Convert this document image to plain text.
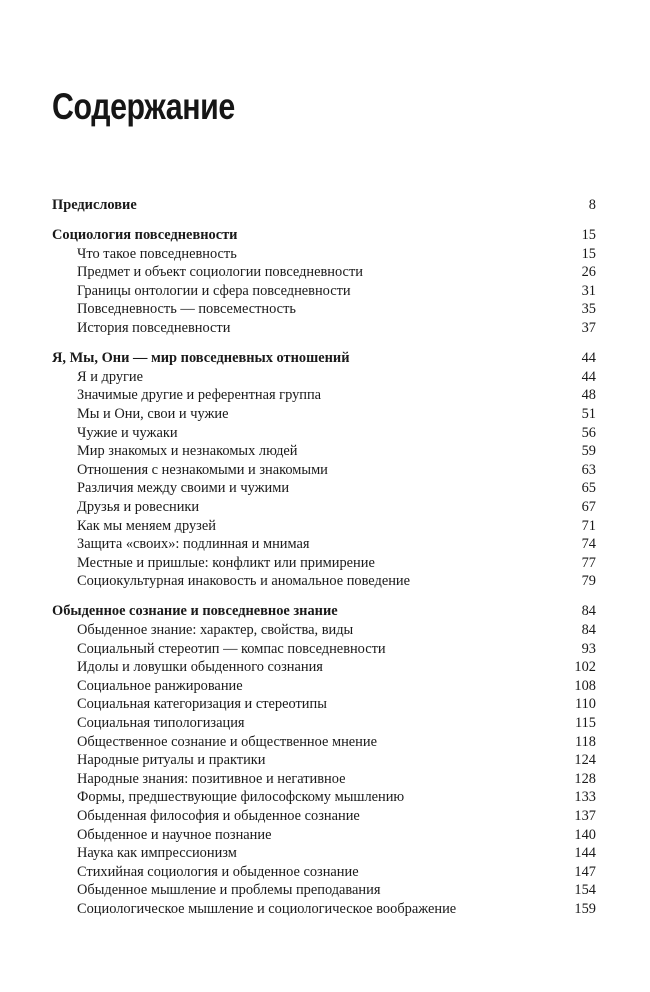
Содержание
Предисловие	8
Социология повседневности	15
Что такое повседневность	15
Предмет и объект социологии повседневности	26
Границы онтологии и сфера повседневности	31
Повседневность — повсеместность	35
История повседневности	37
Я, Мы, Они — мир повседневных отношений	44
Я и другие	44
Значимые другие и референтная группа	48
Мы и Они, свои и чужие	51
Чужие и чужаки	56
Мир знакомых и незнакомых людей	59
Отношения с незнакомыми и знакомыми	63
Различия между своими и чужими	65
Друзья и ровесники	67
Как мы меняем друзей	71
Защита «своих»: подлинная и мнимая	74
Местные и пришлые: конфликт или примирение	77
Социокультурная инаковость и аномальное поведение	79
Обыденное сознание и повседневное знание	84
Обыденное знание: характер, свойства, виды	84
Социальный стереотип — компас повседневности	93
Идолы и ловушки обыденного сознания	102
Социальное ранжирование	108
Социальная категоризация и стереотипы	110
Социальная типологизация	115
Общественное сознание и общественное мнение	118
Народные ритуалы и практики	124
Народные знания: позитивное и негативное	128
Формы, предшествующие философскому мышлению	133
Обыденная философия и обыденное сознание	137
Обыденное и научное познание	140
Наука как импрессионизм	144
Стихийная социология и обыденное сознание	147
Обыденное мышление и проблемы преподавания	154
Социологическое мышление и социологическое воображение	159
